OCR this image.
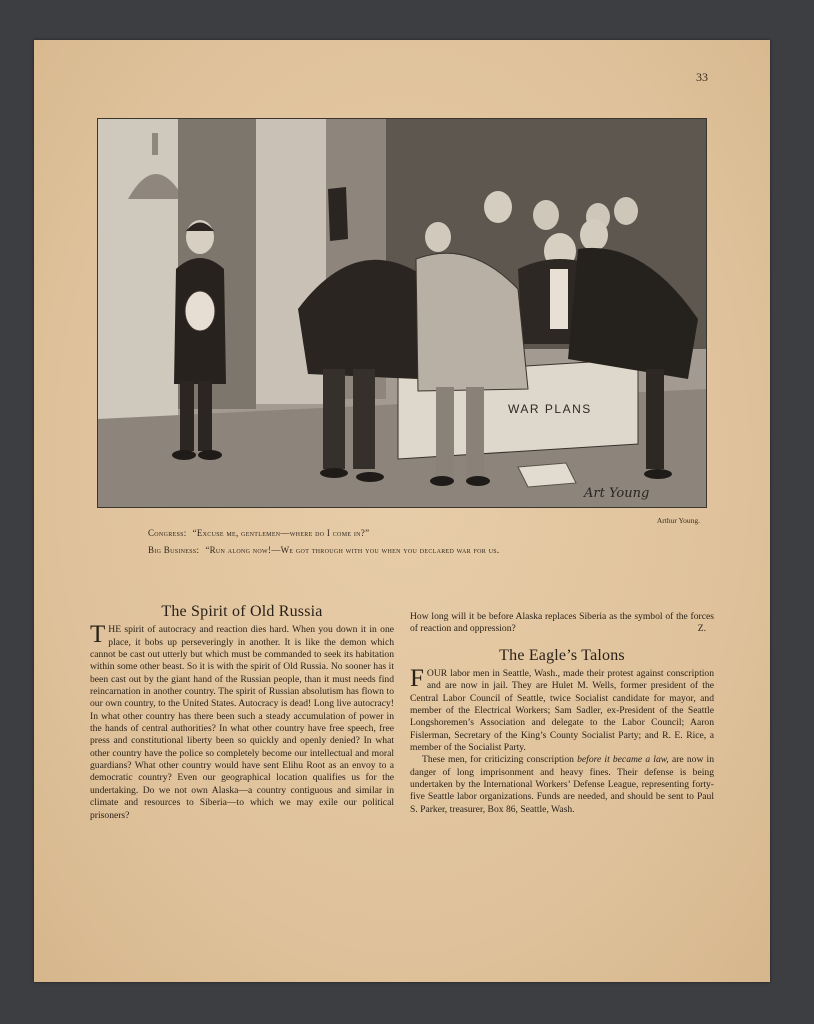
33
WAR PLANS
Art Young
Arthur Young.
Congress: “Excuse me, gentlemen—where do I come in?”
Big Business: “Run along now!—We got through with you when you declared war for us.
The Spirit of Old Russia

THE spirit of autocracy and reaction dies hard. When you down it in one place, it bobs up perseveringly in another. It is like the demon which cannot be cast out utterly but which must be commanded to seek its habitation within some other beast. So it is with the spirit of Old Russia. No sooner has it been cast out by the giant hand of the Russian people, than it must needs find reincarnation in another country. The spirit of Russian absolutism has flown to our own country, to the United States. Autocracy is dead! Long live autocracy! In what other country has there been such a steady accumulation of power in the hands of central authorities? In what other country have free speech, free press and constitutional liberty been so quickly and openly denied? In what other country have the police so completely become our intellectual and moral guardians? What other country would have sent Elihu Root as an envoy to a democratic country? Even our geographical location qualifies us for the undertaking. Do we not own Alaska—a country contiguous and similar in climate and resources to Siberia—to which we may exile our political prisoners?

How long will it be before Alaska replaces Siberia as the symbol of the forces of reaction and oppression?	Z.

The Eagle’s Talons

FOUR labor men in Seattle, Wash., made their protest against conscription and are now in jail. They are Hulet M. Wells, former president of the Central Labor Council of Seattle, twice Socialist candidate for mayor, and member of the Electrical Workers; Sam Sadler, ex-President of the Seattle Longshoremen’s Association and delegate to the Labor Council; Aaron Fislerman, Secretary of the King’s County Socialist Party; and R. E. Rice, a member of the Socialist Party.

These men, for criticizing conscription before it became a law, are now in danger of long imprisonment and heavy fines. Their defense is being undertaken by the International Workers’ Defense League, representing forty-five Seattle labor organizations. Funds are needed, and should be sent to Paul S. Parker, treasurer, Box 86, Seattle, Wash.
